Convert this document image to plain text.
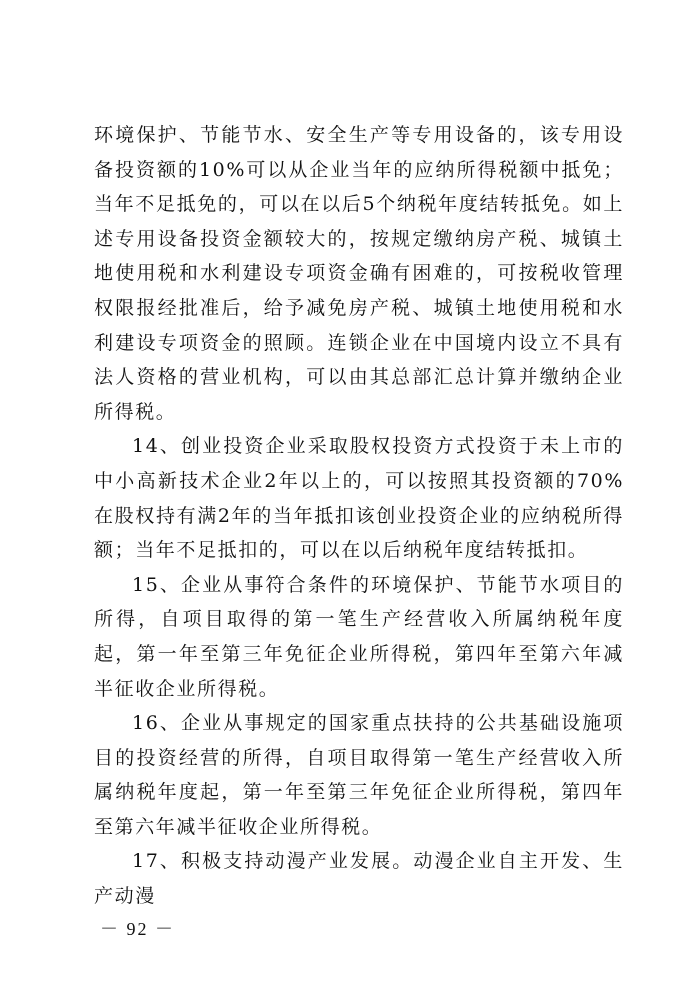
环境保护、节能节水、安全生产等专用设备的，该专用设备投资额的10%可以从企业当年的应纳所得税额中抵免；当年不足抵免的，可以在以后5个纳税年度结转抵免。如上述专用设备投资金额较大的，按规定缴纳房产税、城镇土地使用税和水利建设专项资金确有困难的，可按税收管理权限报经批准后，给予减免房产税、城镇土地使用税和水利建设专项资金的照顾。连锁企业在中国境内设立不具有法人资格的营业机构，可以由其总部汇总计算并缴纳企业所得税。

14、创业投资企业采取股权投资方式投资于未上市的中小高新技术企业2年以上的，可以按照其投资额的70%在股权持有满2年的当年抵扣该创业投资企业的应纳税所得额；当年不足抵扣的，可以在以后纳税年度结转抵扣。

15、企业从事符合条件的环境保护、节能节水项目的所得，自项目取得的第一笔生产经营收入所属纳税年度起，第一年至第三年免征企业所得税，第四年至第六年减半征收企业所得税。

16、企业从事规定的国家重点扶持的公共基础设施项目的投资经营的所得，自项目取得第一笔生产经营收入所属纳税年度起，第一年至第三年免征企业所得税，第四年至第六年减半征收企业所得税。

17、积极支持动漫产业发展。动漫企业自主开发、生产动漫

－ 92 －
